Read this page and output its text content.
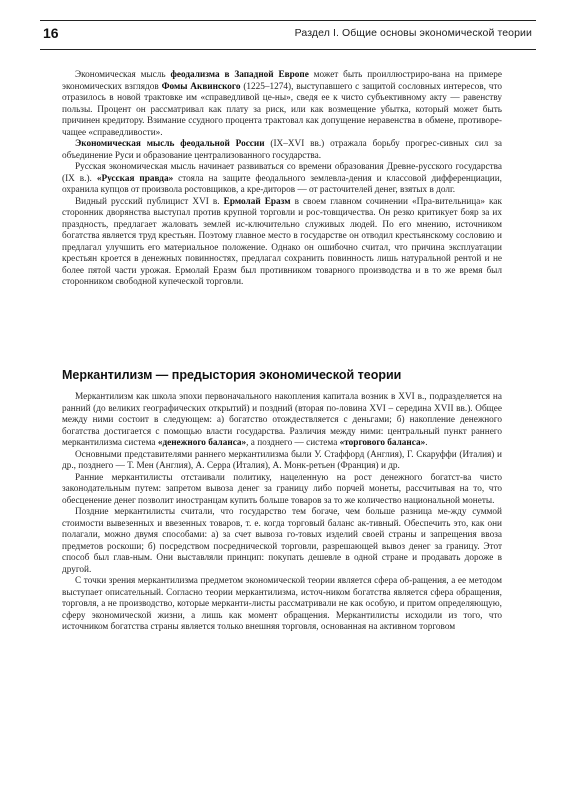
16	Раздел I. Общие основы экономической теории

Экономическая мысль феодализма в Западной Европе может быть проиллюстриро-вана на примере экономических взглядов Фомы Аквинского (1225–1274), выступавшего с защитой сословных интересов, что отразилось в новой трактовке им «справедливой це-ны», сведя ее к чисто субъективному акту — равенству пользы. Процент он рассматривал как плату за риск, или как возмещение убытка, который может быть причинен кредитору. Взимание ссудного процента трактовал как допущение неравенства в обмене, противоре-чащее «справедливости».

Экономическая мысль феодальной России (IX–XVI вв.) отражала борьбу прогрес-сивных сил за объединение Руси и образование централизованного государства.

Русская экономическая мысль начинает развиваться со времени образования Древне-русского государства (IX в.). «Русская правда» стояла на защите феодального землевла-дения и классовой дифференциации, охранила купцов от произвола ростовщиков, а кре-диторов — от расточителей денег, взятых в долг.

Видный русский публицист XVI в. Ермолай Еразм в своем главном сочинении «Пра-вительница» как сторонник дворянства выступал против крупной торговли и рос-товщичества. Он резко критикует бояр за их праздность, предлагает жаловать землей ис-ключительно служивых людей. По его мнению, источником богатства является труд крестьян. Поэтому главное место в государстве он отводил крестьянскому сословию и предлагал улучшить его материальное положение. Однако он ошибочно считал, что причина эксплуатации крестьян кроется в денежных повинностях, предлагал сохранить повинность лишь натуральной рентой и не более пятой части урожая. Ермолай Еразм был противником товарного производства и в то же время был сторонником свободной купеческой торговли.

Меркантилизм — предыстория экономической теории

Меркантилизм как школа эпохи первоначального накопления капитала возник в XVI в., подразделяется на ранний (до великих географических открытий) и поздний (вторая по-ловина XVI – середина XVII вв.). Общее между ними состоит в следующем: а) богатство отождествляется с деньгами; б) накопление денежного богатства достигается с помощью власти государства. Различия между ними: центральный пункт раннего меркантилизма система «денежного баланса», а позднего — система «торгового баланса».

Основными представителями раннего меркантилизма были У. Стаффорд (Англия), Г. Скаруффи (Италия) и др., позднего — Т. Мен (Англия), А. Серра (Италия), А. Монк-ретьен (Франция) и др.

Ранние меркантилисты отстаивали политику, нацеленную на рост денежного богатст-ва чисто законодательным путем: запретом вывоза денег за границу либо порчей монеты, рассчитывая на то, что обесценение денег позволит иностранцам купить больше товаров за то же количество национальной монеты.

Поздние меркантилисты считали, что государство тем богаче, чем больше разница ме-жду суммой стоимости вывезенных и ввезенных товаров, т. е. когда торговый баланс ак-тивный. Обеспечить это, как они полагали, можно двумя способами: а) за счет вывоза го-товых изделий своей страны и запрещения ввоза предметов роскоши; б) посредством посреднической торговли, разрешающей вывоз денег за границу. Этот способ был глав-ным. Они выставляли принцип: покупать дешевле в одной стране и продавать дороже в другой.

С точки зрения меркантилизма предметом экономической теории является сфера об-ращения, а ее методом выступает описательный. Согласно теории меркантилизма, источ-ником богатства является сфера обращения, торговля, а не производство, которые мерканти-листы рассматривали не как особую, и притом определяющую, сферу экономической жизни, а лишь как момент обращения. Меркантилисты исходили из того, что источником богатства страны является только внешняя торговля, основанная на активном торговом
